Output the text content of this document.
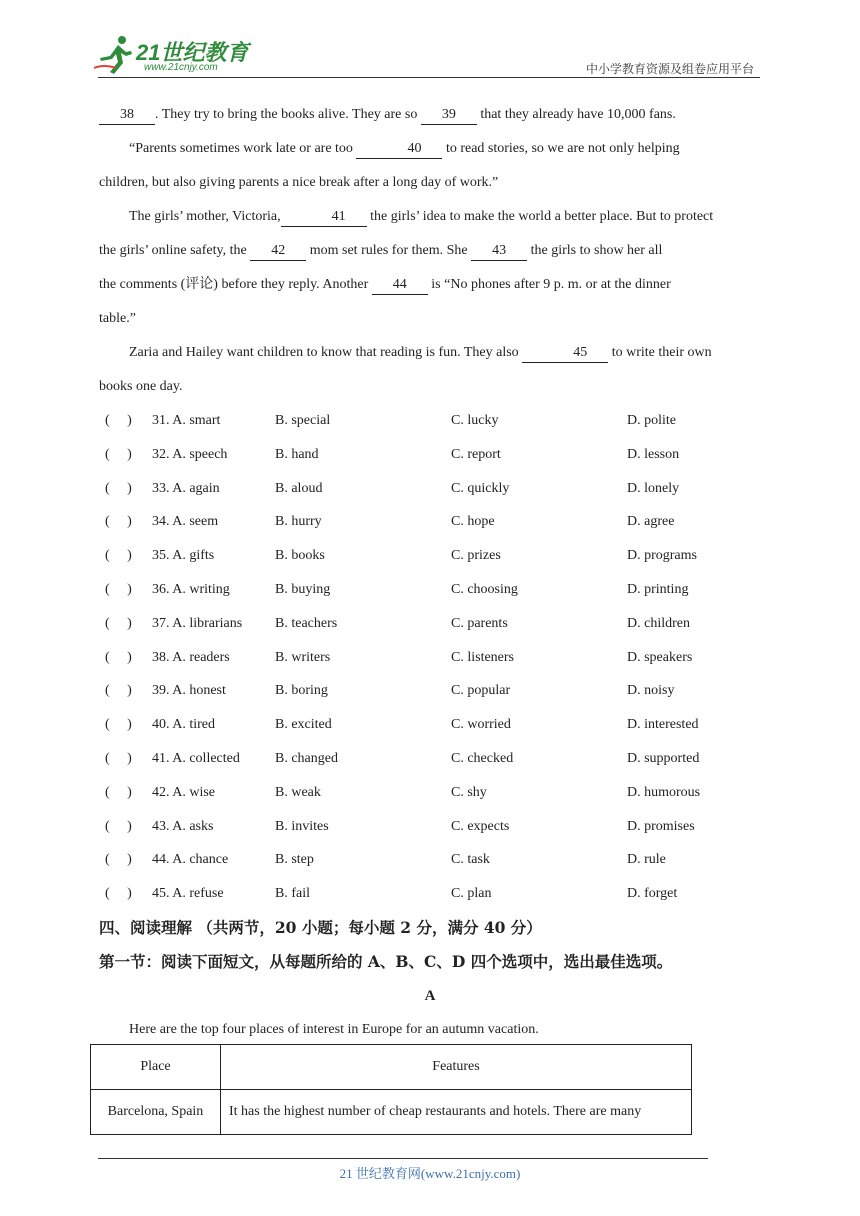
21世纪教育
www.21cnjy.com	中小学教育资源及组卷应用平台

38 . They try to bring the books alive. They are so       39       that they already have 10,000 fans.

“Parents sometimes work late or are too	40       to read stories, so we are not only helping

children, but also giving parents a nice break after a long day of work.”

The girls’ mother, Victoria,	41       the girls’ idea to make the world a better place. But to protect

the girls’ online safety, the       42       mom set rules for them. She       43       the girls to show her all

the comments (评论) before they reply. Another       44       is “No phones after 9 p. m. or at the dinner

table.”

Zaria and Hailey want children to know that reading is fun. They also	45       to write their own

books one day.

(　 ) 31. A. smart	B. special	C. lucky	D. polite
(　 ) 32. A. speech	B. hand	C. report	D. lesson
(　 ) 33. A. again	B. aloud	C. quickly	D. lonely
(　 ) 34. A. seem	B. hurry	C. hope	D. agree
(　 ) 35. A. gifts	B. books	C. prizes	D. programs
(　 ) 36. A. writing	B. buying	C. choosing	D. printing
(　 ) 37. A. librarians B. teachers	C. parents	D. children
(　 ) 38. A. readers	B. writers	C. listeners	D. speakers
(　 ) 39. A. honest	B. boring	C. popular	D. noisy
(　 ) 40. A. tired	B. excited	C. worried	D. interested
(　 ) 41. A. collected	B. changed	C. checked	D. supported
(　 ) 42. A. wise	B. weak	C. shy	D. humorous
(　 ) 43. A. asks	B. invites	C. expects	D. promises
(　 ) 44. A. chance	B. step	C. task	D. rule
(　 ) 45. A. refuse	B. fail	C. plan	D. forget
四、阅读理解 （共两节，20 小题；每小题 2 分，满分 40 分）
第一节：阅读下面短文，从每题所给的 A、B、C、D 四个选项中，选出最佳选项。
A

Here are the top four places of interest in Europe for an autumn vacation.

Place	Features
Barcelona, Spain	It has the highest number of cheap restaurants and hotels. There are many
21 世纪教育网(www.21cnjy.com)
